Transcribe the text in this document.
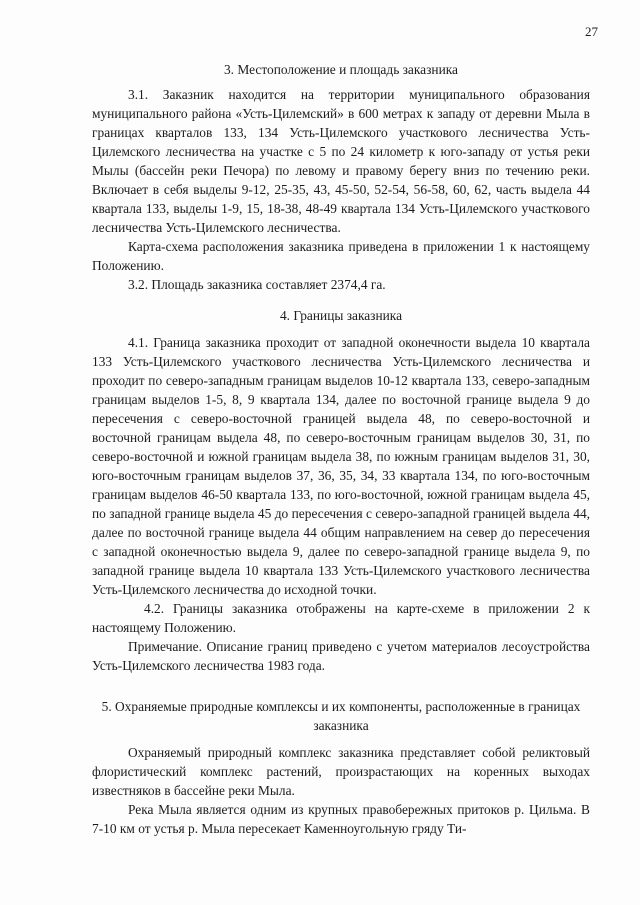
27

3. Местоположение и площадь заказника

3.1. Заказник находится на территории муниципального образования муниципального района «Усть-Цилемский» в 600 метрах к западу от деревни Мыла в границах кварталов 133, 134 Усть-Цилемского участкового лесничества Усть-Цилемского лесничества на участке с 5 по 24 километр к юго-западу от устья реки Мылы (бассейн реки Печора) по левому и правому берегу вниз по течению реки. Включает в себя выделы 9-12, 25-35, 43, 45-50, 52-54, 56-58, 60, 62, часть выдела 44 квартала 133, выделы 1-9, 15, 18-38, 48-49 квартала 134 Усть-Цилемского участкового лесничества Усть-Цилемского лесничества.

Карта-схема расположения заказника приведена в приложении 1 к настоящему Положению.

3.2. Площадь заказника составляет 2374,4 га.

4. Границы заказника

4.1. Граница заказника проходит от западной оконечности выдела 10 квартала 133 Усть-Цилемского участкового лесничества Усть-Цилемского лесничества и проходит по северо-западным границам выделов 10-12 квартала 133, северо-западным границам выделов 1-5, 8, 9 квартала 134, далее по восточной границе выдела 9 до пересечения с северо-восточной границей выдела 48, по северо-восточной и восточной границам выдела 48, по северо-восточным границам выделов 30, 31, по северо-восточной и южной границам выдела 38, по южным границам выделов 31, 30, юго-восточным границам выделов 37, 36, 35, 34, 33 квартала 134, по юго-восточным границам выделов 46-50 квартала 133, по юго-восточной, южной границам выдела 45, по западной границе выдела 45 до пересечения с северо-западной границей выдела 44, далее по восточной границе выдела 44 общим направлением на север до пересечения с западной оконечностью выдела 9, далее по северо-западной границе выдела 9, по западной границе выдела 10 квартала 133 Усть-Цилемского участкового лесничества Усть-Цилемского лесничества до исходной точки.

4.2. Границы заказника отображены на карте-схеме в приложении 2 к настоящему Положению.

Примечание. Описание границ приведено с учетом материалов лесоустройства Усть-Цилемского лесничества 1983 года.

5. Охраняемые природные комплексы и их компоненты, расположенные в границах заказника

Охраняемый природный комплекс заказника представляет собой реликтовый флористический комплекс растений, произрастающих на коренных выходах известняков в бассейне реки Мыла.

Река Мыла является одним из крупных правобережных притоков р. Цильма. В 7-10 км от устья р. Мыла пересекает Каменноугольную гряду Ти-
